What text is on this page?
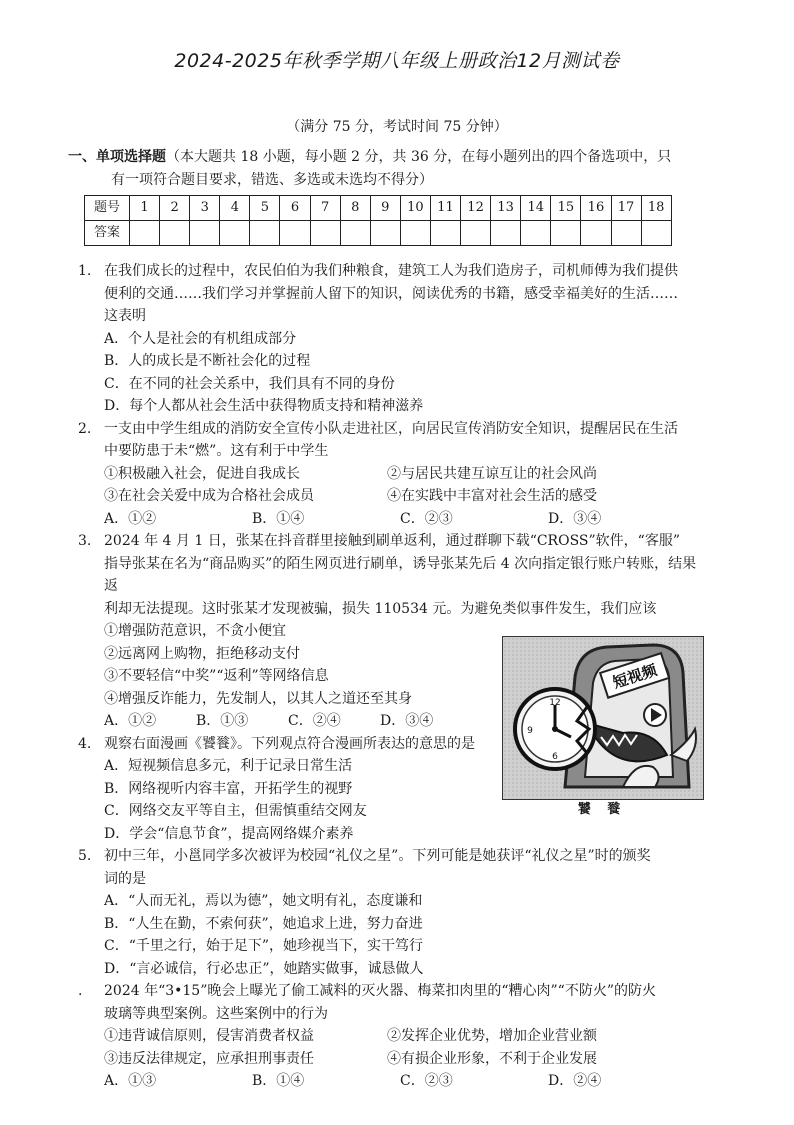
2024-2025年秋季学期八年级上册政治12月测试卷
（满分 75 分，考试时间 75 分钟）
一、单项选择题（本大题共 18 小题，每小题 2 分，共 36 分，在每小题列出的四个备选项中，只
有一项符合题目要求，错选、多选或未选均不得分）
题号	1	2	3	4	5	6	7	8	9	10	11	12	13	14	15	16	17	18
答案																		
1. 在我们成长的过程中，农民伯伯为我们种粮食，建筑工人为我们造房子，司机师傅为我们提供
便利的交通……我们学习并掌握前人留下的知识，阅读优秀的书籍，感受幸福美好的生活……
这表明
A．个人是社会的有机组成部分
B．人的成长是不断社会化的过程
C．在不同的社会关系中，我们具有不同的身份
D．每个人都从社会生活中获得物质支持和精神滋养
2. 一支由中学生组成的消防安全宣传小队走进社区，向居民宣传消防安全知识，提醒居民在生活
中要防患于未“燃”。这有利于中学生
①积极融入社会，促进自我成长	②与居民共建互谅互让的社会风尚
③在社会关爱中成为合格社会成员	④在实践中丰富对社会生活的感受
A．①②	B．①④	C．②③	D．③④
3. 2024 年 4 月 1 日，张某在抖音群里接触到刷单返利，通过群聊下载“CROSS”软件，“客服”
指导张某在名为“商品购买”的陌生网页进行刷单，诱导张某先后 4 次向指定银行账户转账，结果返
利却无法提现。这时张某才发现被骗，损失 110534 元。为避免类似事件发生，我们应该
①增强防范意识，不贪小便宜
②远离网上购物，拒绝移动支付
③不要轻信“中奖”“返利”等网络信息
④增强反诈能力，先发制人，以其人之道还至其身
A．①②	B．①③	C．②④	D．③④
4. 观察右面漫画《饕餮》。下列观点符合漫画所表达的意思的是
A．短视频信息多元，利于记录日常生活
B．网络视听内容丰富，开拓学生的视野
C．网络交友平等自主，但需慎重结交网友
D．学会“信息节食”，提高网络媒介素养
5. 初中三年，小邕同学多次被评为校园“礼仪之星”。下列可能是她获评“礼仪之星”时的颁奖
词的是
A．“人而无礼，焉以为德”，她文明有礼，态度谦和
B．“人生在勤，不索何获”，她追求上进，努力奋进
C．“千里之行，始于足下”，她珍视当下，实干笃行
D．“言必诚信，行必忠正”，她踏实做事，诚恳做人
. 2024 年“3•15”晚会上曝光了偷工减料的灭火器、梅菜扣肉里的“糟心肉”“不防火”的防火
玻璃等典型案例。这些案例中的行为
①违背诚信原则，侵害消费者权益	②发挥企业优势，增加企业营业额
③违反法律规定，应承担刑事责任	④有损企业形象，不利于企业发展
A．①③	B．①④	C．②③	D．②④
短视频
12
9
6
饕 餮
